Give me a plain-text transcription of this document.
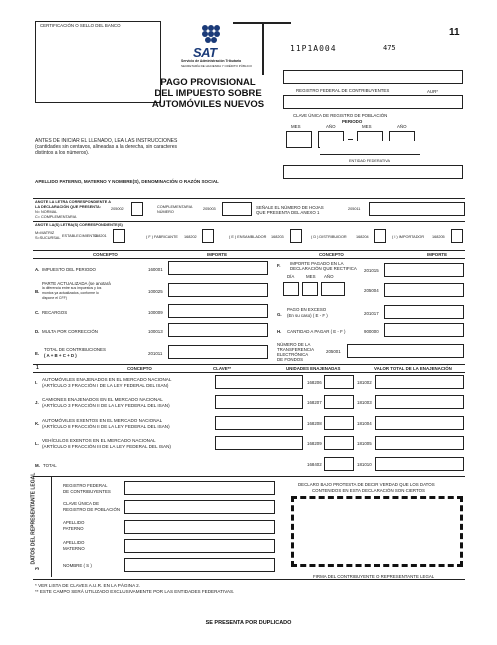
CERTIFICACIÓN O SELLO DEL BANCO
SAT
Servicio de Administración Tributaria
SECRETARÍA DE HACIENDA Y CRÉDITO PÚBLICO
11
11P1A004	475
PAGO PROVISIONAL
DEL IMPUESTO SOBRE
AUTOMÓVILES NUEVOS
REGISTRO FEDERAL DE CONTRIBUYENTES	AUR*
CLAVE ÚNICA DE REGISTRO DE POBLACIÓN
PERIODO
MES	AÑO	MES	AÑO
ANTES DE INICIAR EL LLENADO, LEA LAS INSTRUCCIONES
(cantidades sin centavos, alineadas a la derecha, sin caracteres
distintos a los números).
ENTIDAD FEDERATIVA
APELLIDO PATERNO, MATERNO Y NOMBRE(S), DENOMINACIÓN O RAZÓN SOCIAL
ANOTE LA LETRA CORRESPONDIENTE A
LA DECLARACIÓN QUE PRESENTA:
N= NORMAL
C= COMPLEMENTARIA
205002	COMPLEMENTARIA
NÚMERO
205003	SEÑALE EL NÚMERO DE HOJAS
QUE PRESENTA DEL ANEXO 1
205011
ANOTE LA(S) LETRA(S) CORRESPONDIENTE(S)
M=MATRIZ
S=SUCURSAL ESTABLECIMIENTO
168201	( F ) FABRICANTE 168202	( E ) ENSAMBLADOR 168203	( D ) DISTRIBUIDOR 168204	( I ) IMPORTADOR 168205
CONCEPTO	IMPORTE	CONCEPTO	IMPORTE
A. IMPUESTO DEL PERIODO	160001
B.
PARTE ACTUALIZADA (se anotará
la diferencia entre sus impuestos y los
montos ya actualizados, conforme lo
dispone el CFF)
100025
C. RECARGOS	100009
D. MULTA POR CORRECCIÓN	100013
E.
TOTAL DE CONTRIBUCIONES
( A + B + C + D )	201011
F. IMPORTE PAGADO EN LA
DECLARACIÓN QUE RECTIFICA
DÍA	MES AÑO
201015
205004
G.
PAGO EN EXCESO
(En su caso) ( E - F )	201017
H. CANTIDAD A PAGAR ( E - F )	900000
NÚMERO DE LA
TRANSFERENCIA
ELECTRÓNICA
DE FONDOS
205001
1	CONCEPTO	CLAVE**	UNIDADES ENAJENADAS	VALOR TOTAL DE LA ENAJENACIÓN
I.
AUTOMÓVILES ENAJENADOS EN EL MERCADO NACIONAL
(ARTÍCULO 3 FRACCIÓN I DE LA LEY FEDERAL DEL ISAN)
168206	181002
J.
CAMIONES ENAJENADOS EN EL MERCADO NACIONAL
(ARTÍCULO 3 FRACCIÓN II DE LA LEY FEDERAL DEL ISAN)
168207	181003
K.
AUTOMÓVILES EXENTOS EN EL MERCADO NACIONAL
(ARTÍCULO 8 FRACCIÓN II DE LA LEY FEDERAL DEL ISAN)
168208	181004
L.
VEHÍCULOS EXENTOS EN EL MERCADO NACIONAL
(ARTÍCULO 8 FRACCIÓN III DE LA LEY FEDERAL DEL ISAN)
168209	181005
M. TOTAL	168402	181010
DATOS DEL REPRESENTANTE LEGAL
3
REGISTRO FEDERAL
DE CONTRIBUYENTES
CLAVE ÚNICA DE
REGISTRO DE POBLACIÓN
APELLIDO
PATERNO
APELLIDO
MATERNO
NOMBRE ( S )
DECLARO BAJO PROTESTA DE DECIR VERDAD QUE LOS DATOS
CONTENIDOS EN ESTA DECLARACIÓN SON CIERTOS
FIRMA DEL CONTRIBUYENTE O REPRESENTANTE LEGAL
* VER LISTA DE CLAVES A.U.R. EN LA PÁGINA 2.
** ESTE CAMPO SERÁ UTILIZADO EXCLUSIVAMENTE POR LAS ENTIDADES FEDERATIVAS.
SE PRESENTA POR DUPLICADO
